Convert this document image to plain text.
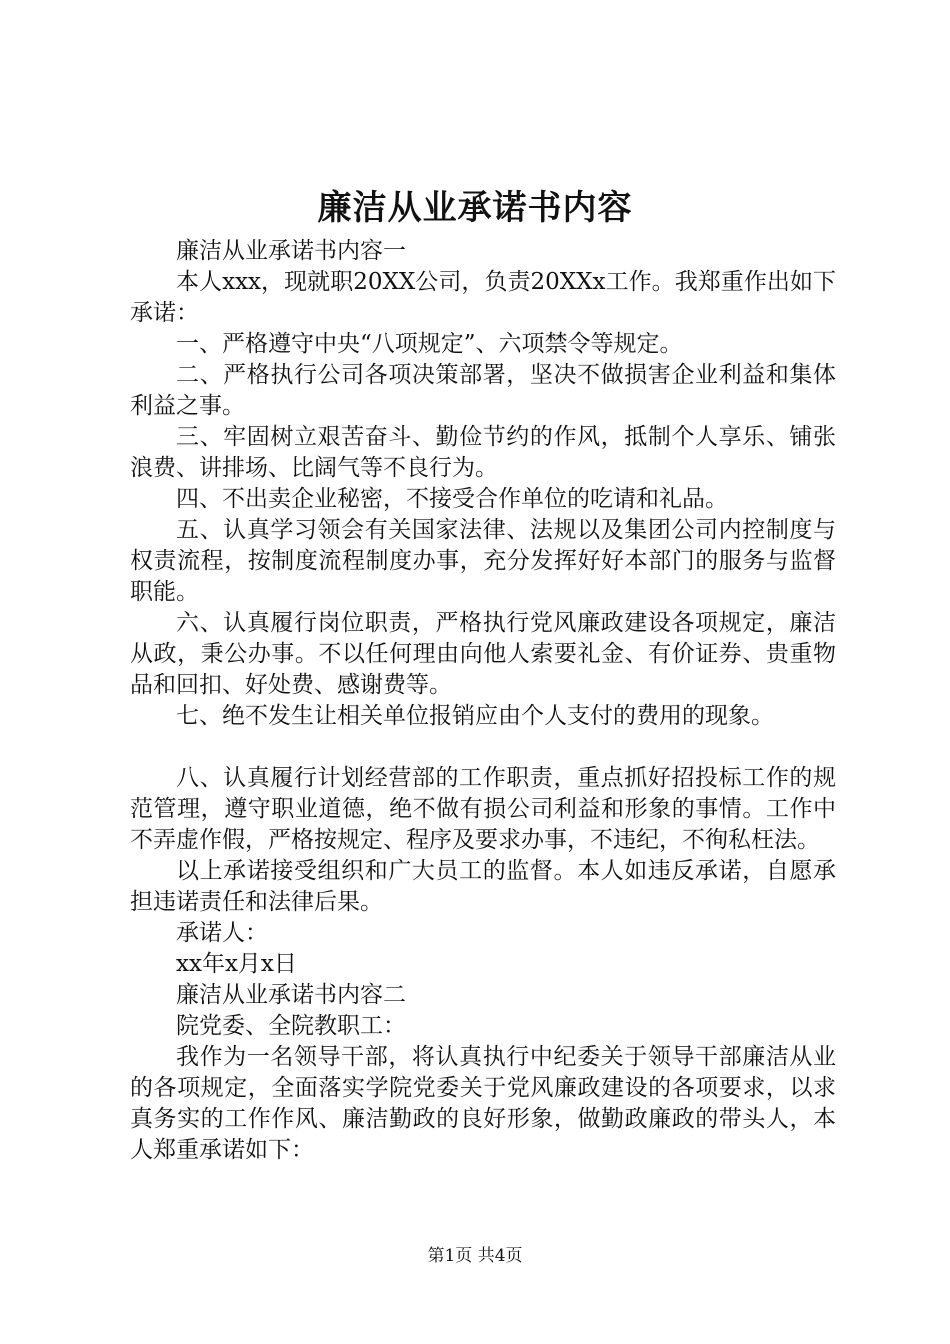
廉洁从业承诺书内容

廉洁从业承诺书内容一

本人xxx，现就职20XX公司，负责20XXx工作。我郑重作出如下承诺：

一、严格遵守中央“八项规定”、六项禁令等规定。

二、严格执行公司各项决策部署，坚决不做损害企业利益和集体利益之事。

三、牢固树立艰苦奋斗、勤俭节约的作风，抵制个人享乐、铺张浪费、讲排场、比阔气等不良行为。

四、不出卖企业秘密，不接受合作单位的吃请和礼品。

五、认真学习领会有关国家法律、法规以及集团公司内控制度与权责流程，按制度流程制度办事，充分发挥好好本部门的服务与监督职能。

六、认真履行岗位职责，严格执行党风廉政建设各项规定，廉洁从政，秉公办事。不以任何理由向他人索要礼金、有价证券、贵重物品和回扣、好处费、感谢费等。

七、绝不发生让相关单位报销应由个人支付的费用的现象。

八、认真履行计划经营部的工作职责，重点抓好招投标工作的规范管理，遵守职业道德，绝不做有损公司利益和形象的事情。工作中不弄虚作假，严格按规定、程序及要求办事，不违纪，不徇私枉法。

以上承诺接受组织和广大员工的监督。本人如违反承诺，自愿承担违诺责任和法律后果。

承诺人：

xx年x月x日

廉洁从业承诺书内容二

院党委、全院教职工：

我作为一名领导干部，将认真执行中纪委关于领导干部廉洁从业的各项规定，全面落实学院党委关于党风廉政建设的各项要求，以求真务实的工作作风、廉洁勤政的良好形象，做勤政廉政的带头人，本人郑重承诺如下：

第1页 共4页
